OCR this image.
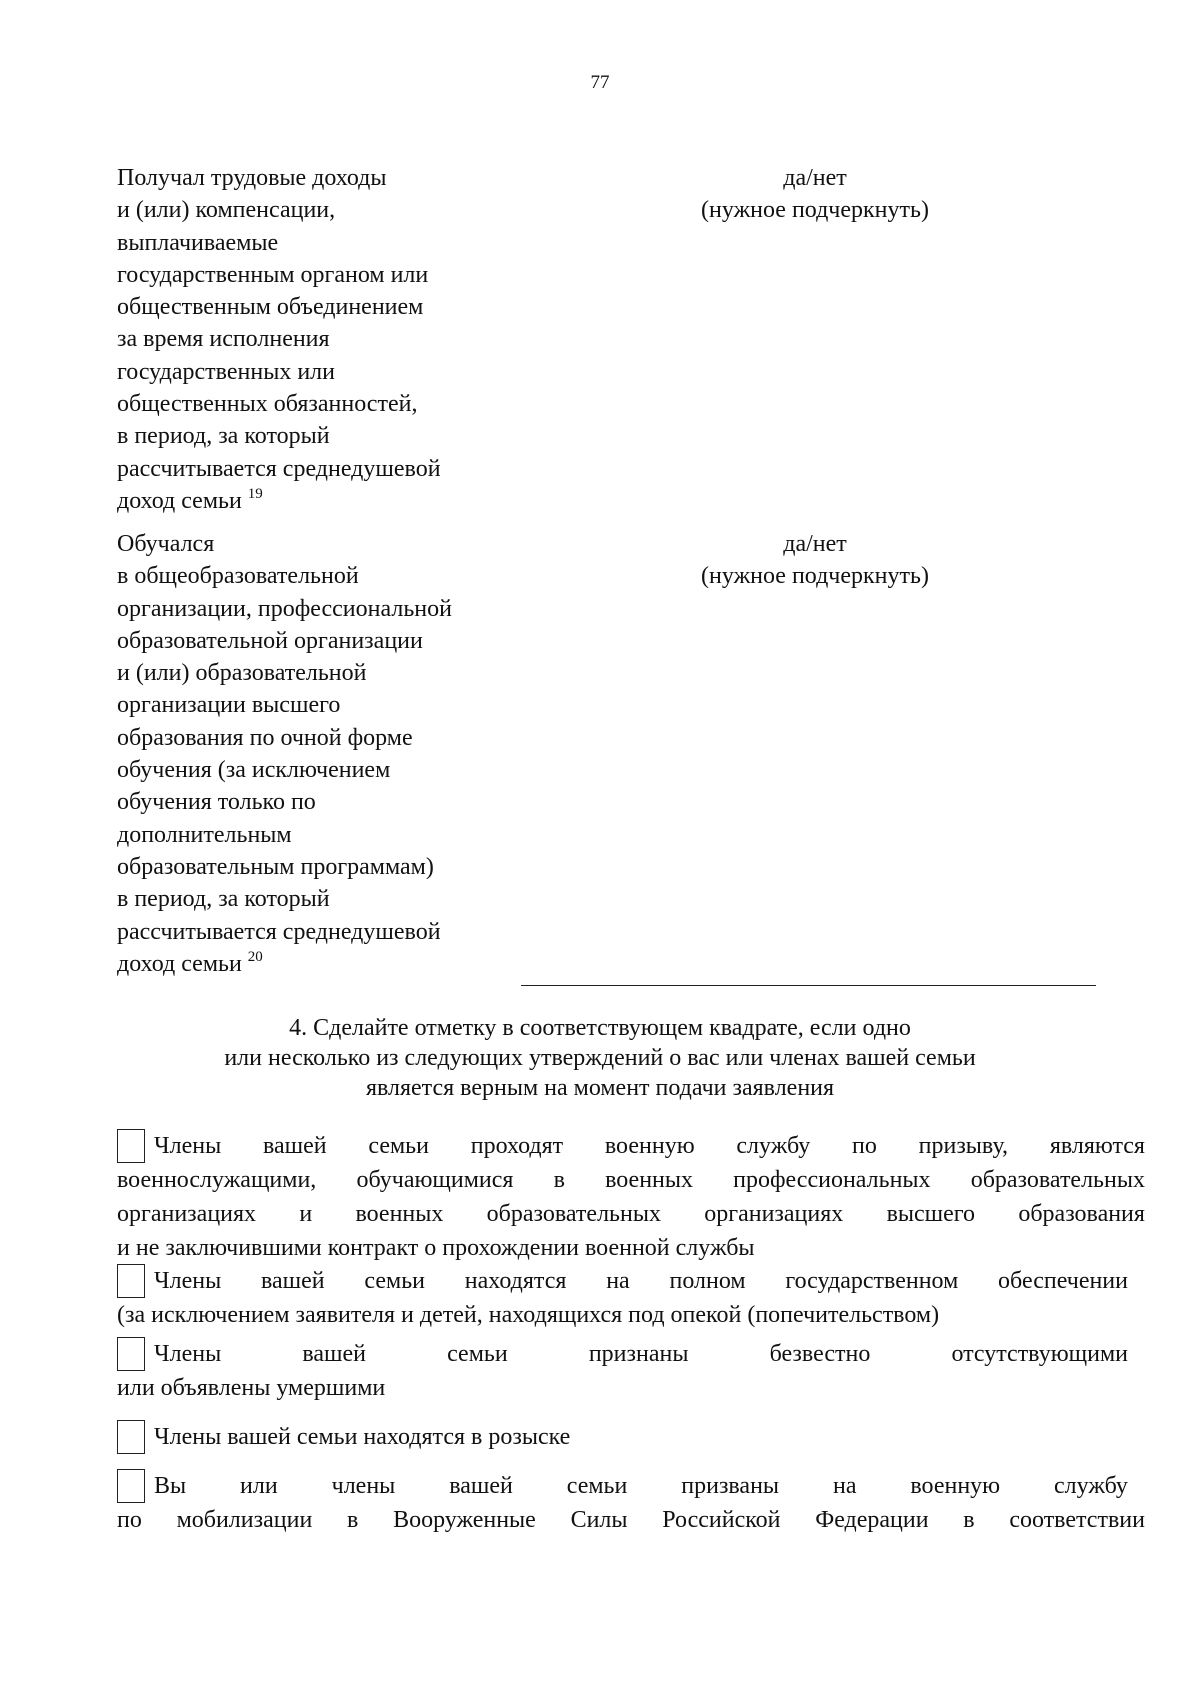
77
Получал трудовые доходы
и (или) компенсации,
выплачиваемые
государственным органом или
общественным объединением
за время исполнения
государственных или
общественных обязанностей,
в период, за который
рассчитывается среднедушевой
доход семьи $^{19}$
да/нет
(нужное подчеркнуть)
Обучался
в общеобразовательной
организации, профессиональной
образовательной организации
и (или) образовательной
организации высшего
образования по очной форме
обучения (за исключением
обучения только по
дополнительным
образовательным программам)
в период, за который
рассчитывается среднедушевой
доход семьи $^{20}$
да/нет
(нужное подчеркнуть)
4. Сделайте отметку в соответствующем квадрате, если одно
или несколько из следующих утверждений о вас или членах вашей семьи
является верным на момент подачи заявления
Члены вашей семьи проходят военную службу по призыву, являются
военнослужащими, обучающимися в военных профессиональных образовательных
организациях и военных образовательных организациях высшего образования
и не заключившими контракт о прохождении военной службы
Члены вашей семьи находятся на полном государственном обеспечении
(за исключением заявителя и детей, находящихся под опекой (попечительством)
Члены	вашей	семьи	признаны	безвестно	отсутствующими
или объявлены умершими
Члены вашей семьи находятся в розыске
Вы или члены вашей семьи призваны на военную службу
по мобилизации в Вооруженные Силы Российской Федерации в соответствии
